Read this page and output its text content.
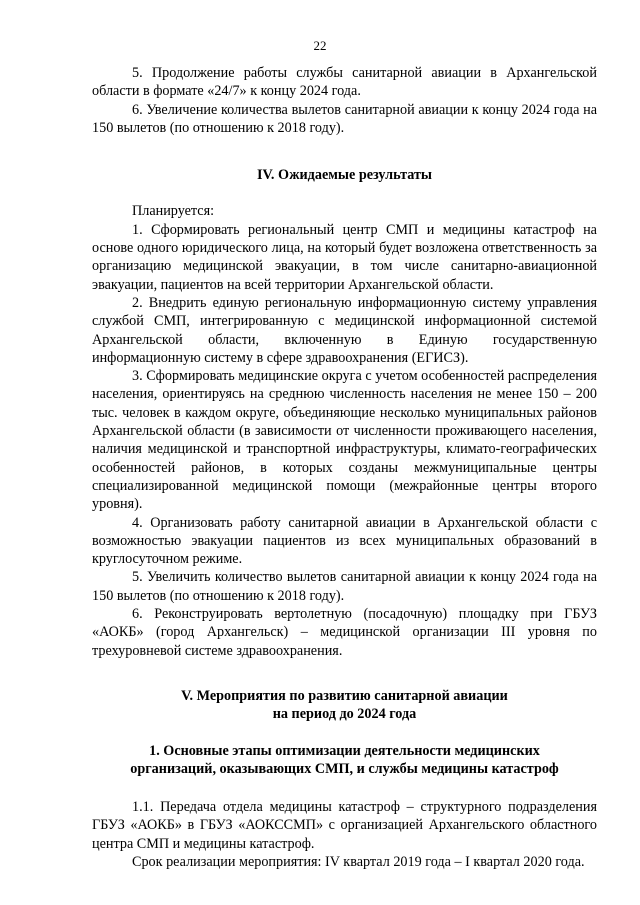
22

5. Продолжение работы службы санитарной авиации в Архангельской области в формате «24/7» к концу 2024 года.

6. Увеличение количества вылетов санитарной авиации к концу 2024 года на 150 вылетов (по отношению к 2018 году).

IV. Ожидаемые результаты

Планируется:

1. Сформировать региональный центр СМП и медицины катастроф на основе одного юридического лица, на который будет возложена ответственность за организацию медицинской эвакуации, в том числе санитарно-авиационной эвакуации, пациентов на всей территории Архангельской области.

2. Внедрить единую региональную информационную систему управления службой СМП, интегрированную с медицинской информационной системой Архангельской области, включенную в Единую государственную информационную систему в сфере здравоохранения (ЕГИСЗ).

3. Сформировать медицинские округа с учетом особенностей распределения населения, ориентируясь на среднюю численность населения не менее 150 – 200 тыс. человек в каждом округе, объединяющие несколько муниципальных районов Архангельской области (в зависимости от численности проживающего населения, наличия медицинской и транспортной инфраструктуры, климато-географических особенностей районов, в которых созданы межмуниципальные центры специализированной медицинской помощи (межрайонные центры второго уровня).

4. Организовать работу санитарной авиации в Архангельской области с возможностью эвакуации пациентов из всех муниципальных образований в круглосуточном режиме.

5. Увеличить количество вылетов санитарной авиации к концу 2024 года на 150 вылетов (по отношению к 2018 году).

6. Реконструировать вертолетную (посадочную) площадку при ГБУЗ «АОКБ» (город Архангельск) – медицинской организации III уровня по трехуровневой системе здравоохранения.

V. Мероприятия по развитию санитарной авиации
на период до 2024 года
1. Основные этапы оптимизации деятельности медицинских
организаций, оказывающих СМП, и службы медицины катастроф

1.1. Передача отдела медицины катастроф – структурного подразделения ГБУЗ «АОКБ» в ГБУЗ «АОКССМП» с организацией Архангельского областного центра СМП и медицины катастроф.

Срок реализации мероприятия: IV квартал 2019 года – I квартал 2020 года.
